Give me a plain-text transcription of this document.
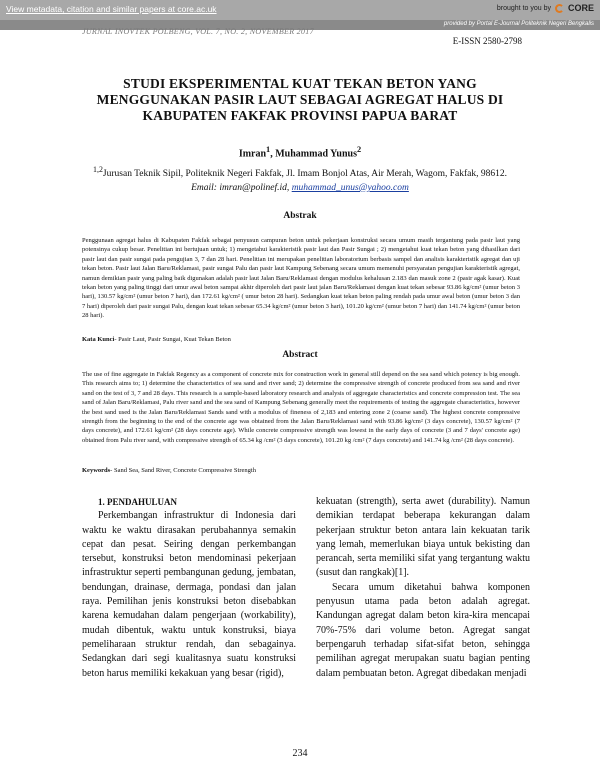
View metadata, citation and similar papers at core.ac.uk	brought to you by CORE
provided by Portal E-Journal Politeknik Negeri Bengkalis
JURNAL INOVTEK POLBENG, VOL. 7, NO. 2, NOVEMBER 2017
E-ISSN 2580-2798
STUDI EKSPERIMENTAL KUAT TEKAN BETON YANG
MENGGUNAKAN PASIR LAUT SEBAGAI AGREGAT HALUS DI
KABUPATEN FAKFAK PROVINSI PAPUA BARAT
Imran$^1$, Muhammad Yunus$^2$
$^{1,2}$Jurusan Teknik Sipil, Politeknik Negeri Fakfak, Jl. Imam Bonjol Atas, Air Merah, Wagom, Fakfak, 98612.
Email: imran@polinef.id, muhammad_unus@yahoo.com
Abstrak
Penggunaan agregat halus di Kabupaten Fakfak sebagai penyusun campuran beton untuk pekerjaan konstruksi secara umum masih tergantung pada pasir laut yang potensinya cukup besar. Penelitian ini bertujuan untuk; 1) mengetahui karakteristik pasir laut dan Pasir Sungai ; 2) mengetahui kuat tekan beton yang dihasilkan dari pasir laut dan pasir sungai pada pengujian 3, 7 dan 28 hari. Penelitian ini merupakan penelitian laboratorium berbasis sampel dan analisis karakteristik agregat dan uji tekan beton. Pasir laut Jalan Baru/Reklamasi, pasir sungai Palu dan pasir laut Kampung Sebenang secara umum memenuhi persyaratan pengujian karakteristik agregat, namun demikian pasir yang paling baik digunakan adalah pasir laut Jalan Baru/Reklamasi dengan modulus kehalusan 2.183 dan masuk zone 2 (pasir agak kasar). Kuat tekan beton yang paling tinggi dari umur awal beton sampai akhir diperoleh dari pasir laut jalan Baru/Reklamasi dengan kuat tekan sebesar 93.86 kg/cm² (umur beton 3 hari), 130.57 kg/cm² (umur beton 7 hari), dan 172.61 kg/cm² ( umur beton 28 hari). Sedangkan kuat tekan beton paling rendah pada umur awal beton (umur beton 3 dan 7 hari) diperoleh dari pasir sungai Palu, dengan kuat tekan sebesar 65.34 kg/cm² (umur beton 3 hari), 101.20 kg/cm² (umur beton 7 hari) dan 141.74 kg/cm² (umur beton 28 hari).
Kata Kunci- Pasir Laut, Pasir Sungai, Kuat Tekan Beton
Abstract
The use of fine aggregate in Fakfak Regency as a component of concrete mix for construction work in general still depend on the sea sand which potency is big enough. This research aims to; 1) determine the characteristics of sea sand and river sand; 2) determine the compressive strength of concrete produced from sea sand and river sand on the test of 3, 7 and 28 days. This research is a sample-based laboratory research and analysis of aggregate characteristics and concrete compression test. The sea sand of Jalan Baru/Reklamasi, Palu river sand and the sea sand of Kampung Sebenang generally meet the requirements of testing the aggregate characteristics, however the best sand used is the Jalan Baru/Reklamasi Sands sand with a modulus of fineness of 2,183 and entering zone 2 (coarse sand). The highest concrete compressive strength from the beginning to the end of the concrete age was obtained from the Jalan Baru/Reklamasi sand with 93.86 kg/cm² (3 days concrete), 130.57 kg/cm² (7 days concrete), and 172.61 kg/cm² (28 days concrete age). While concrete compressive strength was lowest in the early days of concrete (3 and 7 days' concrete age) obtained from Palu river sand, with compressive strength of 65.34 kg /cm² (3 days concrete), 101.20 kg /cm² (7 days concrete) and 141.74 kg /cm² (28 days concrete).
Keywords- Sand Sea, Sand River, Concrete Compressive Strength

1. PENDAHULUAN

Perkembangan infrastruktur di Indonesia dari waktu ke waktu dirasakan perubahannya semakin cepat dan pesat. Seiring dengan perkembangan tersebut, konstruksi beton mendominasi pekerjaan infrastruktur seperti pembangunan gedung, jembatan, bendungan, drainase, dermaga, pondasi dan jalan raya. Pemilihan jenis konstruksi beton disebabkan karena kemudahan dalam pengerjaan (workability), mudah dibentuk, waktu untuk konstruksi, biaya pemeliharaan struktur rendah, dan sebagainya. Sedangkan dari segi kualitasnya suatu konstruksi beton harus memiliki kekakuan yang besar (rigid),

kekuatan (strength), serta awet (durability). Namun demikian terdapat beberapa kekurangan dalam pekerjaan struktur beton antara lain kekuatan tarik yang lemah, memerlukan biaya untuk bekisting dan perancah, serta memiliki sifat yang tergantung waktu (susut dan rangkak)[1].

Secara umum diketahui bahwa komponen penyusun utama pada beton adalah agregat. Kandungan agregat dalam beton kira-kira mencapai 70%-75% dari volume beton. Agregat sangat berpengaruh terhadap sifat-sifat beton, sehingga pemilihan agregat merupakan suatu bagian penting dalam pembuatan beton. Agregat dibedakan menjadi

234
